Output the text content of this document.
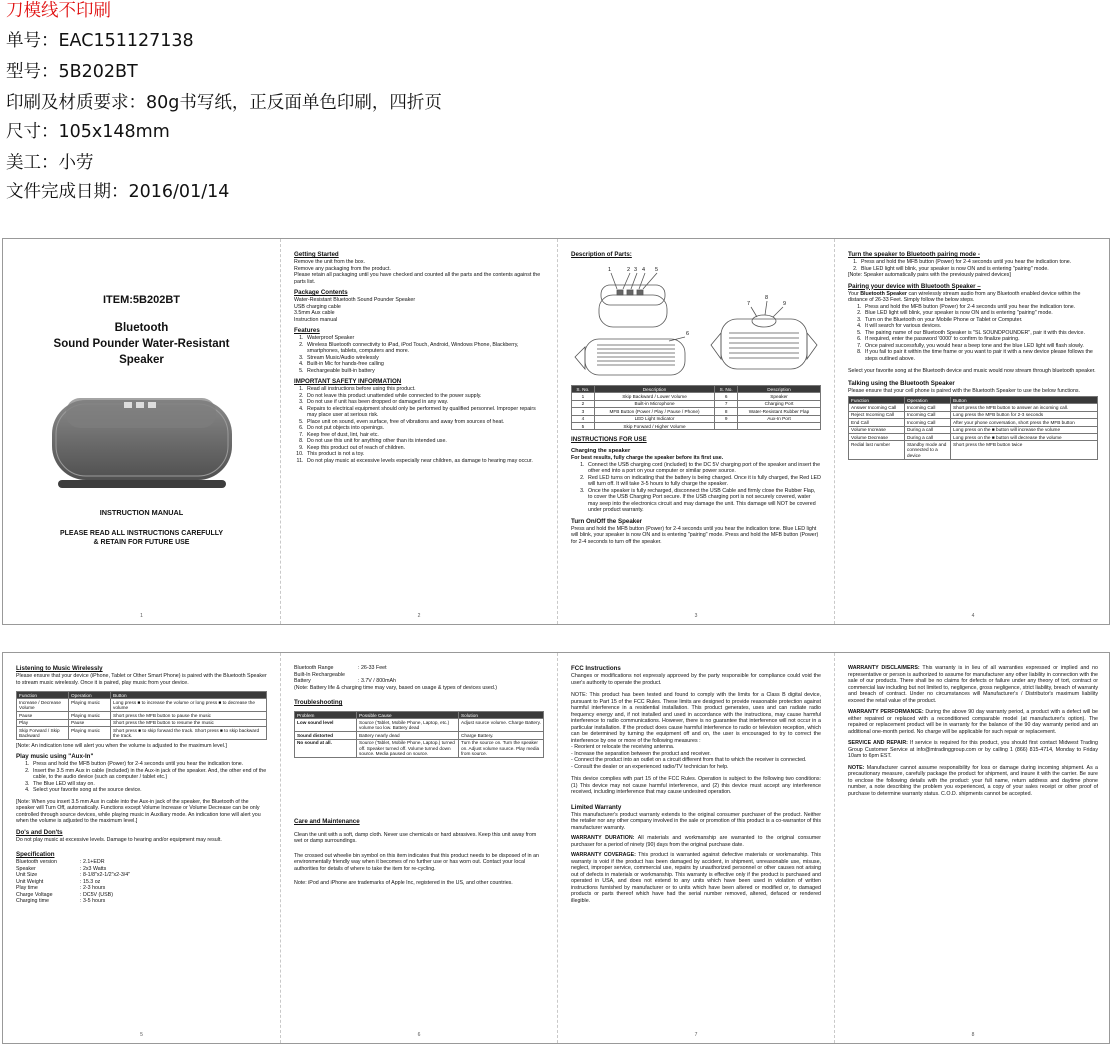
刀模线不印刷
单号：EAC151127138
型号：5B202BT
印刷及材质要求：80g书写纸，正反面单色印刷，四折页
尺寸：105x148mm
美工：小劳
文件完成日期：2016/01/14
ITEM:5B202BT
Bluetooth
Sound Pounder Water-Resistant
Speaker
INSTRUCTION MANUAL
PLEASE READ ALL INSTRUCTIONS CAREFULLY
& RETAIN FOR FUTURE USE
1
Getting Started
Remove the unit from the box.
Remove any packaging from the product.
Please retain all packaging until you have checked and counted all the parts and the contents against the parts list.
Package Contents
Water-Resistant Bluetooth Sound Pounder Speaker
USB charging cable
3.5mm Aux cable
Instruction manual
Features
1. Waterproof Speaker
2. Wireless Bluetooth connectivity to iPad, iPod Touch, Android, Windows Phone, Blackberry, smartphones, tablets, computers and more.
3. Stream Music/Audio wirelessly
4. Built-in Mic for hands-free calling
5. Rechargeable built-in battery
IMPORTANT SAFETY INFORMATION
1. Read all instructions before using this product.
2. Do not leave this product unattended while connected to the power supply.
3. Do not use if unit has been dropped or damaged in any way.
4. Repairs to electrical equipment should only be performed by qualified personnel. Improper repairs may place user at serious risk.
5. Place unit on sound, even surface, free of vibrations and away from sources of heat.
6. Do not put objects into openings.
7. Keep free of dust, lint, hair etc.
8. Do not use this unit for anything other than its intended use.
9. Keep this product out of reach of children.
10. This product is not a toy.
11. Do not play music at excessive levels especially near children, as damage to hearing may occur.
2
Description of Parts:
1	2 3 4 5
6
7
8
9
S. No.	Description	S. No.	Description
1	Skip Backward / Lower Volume	6	Speaker
2	Built-in Microphone	7	Charging Port
3	MFB Button (Power / Play / Pause / Phone)	8	Water-Resistant Rubber Flap
4	LED Light Indicator	9	Aux-In Port
5	Skip Forward / Higher Volume		
INSTRUCTIONS FOR USE
Charging the speaker
For best results, fully charge the speaker before its first use.
1. Connect the USB charging cord (included) to the DC 5V charging port of the speaker and insert the other end into a port on your computer or similar power source.
2. Red LED turns on indicating that the battery is being charged. Once it is fully charged, the Red LED will turn off. It will take 3-5 hours to fully charge the speaker.
3. Once the speaker is fully recharged, disconnect the USB Cable and firmly close the Rubber Flap, to cover the USB Charging Port secure. If the USB charging port is not securely covered, water may seep into the electronics circuit and may damage the unit. This damage will NOT be covered under product warranty.
Turn On/Off the Speaker
Press and hold the MFB button (Power) for 2-4 seconds until you hear the indication tone. Blue LED light will blink, your speaker is now ON and is entering "pairing" mode. Press and hold the MFB button (Power) for 2-4 seconds to turn off the speaker.
3
Turn the speaker to Bluetooth pairing mode -
1. Press and hold the MFB button (Power) for 2-4 seconds until you hear the indication tone.
2. Blue LED light will blink, your speaker is now ON and is entering "pairing" mode.
[Note: Speaker automatically pairs with the previously paired devices]
Pairing your device with Bluetooth Speaker –
Your Bluetooth Speaker can wirelessly stream audio from any Bluetooth enabled device within the distance of 26-33 Feet. Simply follow the below steps.
1. Press and hold the MFB button (Power) for 2-4 seconds until you hear the indication tone.
2. Blue LED light will blink, your speaker is now ON and is entering "pairing" mode.
3. Turn on the Bluetooth on your Mobile Phone or Tablet or Computer.
4. It will search for various devices.
5. The pairing name of our Bluetooth Speaker is "SL SOUNDPOUNDER", pair it with this device.
6. If required, enter the password '0000' to confirm to finalize pairing.
7. Once paired successfully, you would hear a beep tone and the blue LED light will flash slowly.
8. If you fail to pair it within the time frame or you want to pair it with a new device please follows the steps outlined above.
Select your favorite song at the Bluetooth device and music would now stream through bluetooth speaker.
Talking using the Bluetooth Speaker
Please ensure that your cell phone is paired with the Bluetooth Speaker to use the below functions.
Function	Operation	Button
Answer Incoming Call	Incoming Call	Short press the MFB button to answer an incoming call.
Reject Incoming Call	Incoming Call	Long press the MFB button for 2-3 seconds
End Call	Incoming Call	After your phone conversation, short press the MFB button
Volume Increase	During a call	Long press on the ■ button will increase the volume
Volume Decrease	During a call	Long press on the ■ button will decrease the volume
Redial last number	Standby mode and connected to a device	Short press the MFB button twice
4
Listening to Music Wirelessly
Please ensure that your device (iPhone, Tablet or Other Smart Phone) is paired with the Bluetooth Speaker to stream music wirelessly. Once it is paired, play music from your device.
Function	Operation	Button
Increase / Decrease Volume	Playing music	Long press ■ to increase the volume or long press ■ to decrease the volume
Pause	Playing music	Short press the MFB button to pause the music
Play	Pause	Short press the MFB button to resume the music
Skip Forward / Skip Backward	Playing music	Short press ■ to skip forward the track. Short press ■ to skip backward the track.
[Note: An indication tone will alert you when the volume is adjusted to the maximum level.]
Play music using "Aux-In"
1. Press and hold the MFB button (Power) for 2-4 seconds until you hear the indication tone.
2. Insert the 3.5 mm Aux in cable (included) in the Aux-in jack of the speaker. And, the other end of the cable, to the audio device (such as computer / tablet etc.)
3. The Blue LED will stay on.
4. Select your favorite song at the source device.
[Note: When you insert 3.5 mm Aux in cable into the Aux-in jack of the speaker, the Bluetooth of the speaker will Turn Off, automatically. Functions except Volume Increase or Volume Decrease can be only controlled through source devices, while playing music in Auxiliary mode. An indication tone will alert you when the volume is adjusted to the maximum level.]
Do's and Don'ts
Do not play music at excessive levels. Damage to hearing and/or equipment may result.
Specification
Bluetooth version	: 2.1+EDR
Speaker	: 2x3 Watts
Unit Size	: 8-1/8"x2-1/2"x2-3/4"
Unit Weight	: 15.3 oz
Play time	: 2-3 hours
Charge Voltage	: DC5V (USB)
Charging time	: 3-5 hours
5
Bluetooth Range	: 26-33 Feet
Built-In Rechargeable
Battery	: 3.7V / 800mAh
(Note: Battery life & charging time may vary, based on usage & types of devices used.)
Troubleshooting
Problem	Possible Cause	Solution
Low sound level	Source (Tablet, Mobile Phone, Laptop, etc.) volume too low. Battery dead	Adjust source volume. Charge Battery.
Sound distorted	Battery nearly dead	Charge Battery.
No sound at all.	Source (Tablet, Mobile Phone, Laptop.) turned off. Speaker turned off. Volume turned down source. Media paused on source.	Turn the source on. Turn the speaker on. Adjust volume source. Play media from source.
Care and Maintenance
Clean the unit with a soft, damp cloth. Never use chemicals or hard abrasives. Keep this unit away from wet or damp surroundings.
The crossed out wheelie bin symbol on this item indicates that this product needs to be disposed of in an environmentally friendly way when it becomes of no further use or has worn out. Contact your local authorities for details of where to take the item for re-cycling.
Note: iPod and iPhone are trademarks of Apple Inc, registered in the US, and other countries.
6
FCC Instructions
Changes or modifications not expressly approved by the party responsible for compliance could void the user's authority to operate the product.
NOTE: This product has been tested and found to comply with the limits for a Class B digital device, pursuant to Part 15 of the FCC Rules. These limits are designed to provide reasonable protection against harmful interference in a residential installation. This product generates, uses and can radiate radio frequency energy and, if not installed and used in accordance with the instructions, may cause harmful interference to radio communications. However, there is no guarantee that interference will not occur in a particular installation. If the product does cause harmful interference to radio or television reception, which can be determined by turning the equipment off and on, the user is encouraged to try to correct the interference by one or more of the following measures :
- Reorient or relocate the receiving antenna.
- Increase the separation between the product and receiver.
- Connect the product into an outlet on a circuit different from that to which the receiver is connected.
- Consult the dealer or an experienced radio/TV technician for help.
This device complies with part 15 of the FCC Rules. Operation is subject to the following two conditions: (1) This device may not cause harmful interference, and (2) this device must accept any interference received, including interference that may cause undesired operation.
Limited Warranty
This manufacturer's product warranty extends to the original consumer purchaser of the product. Neither the retailer nor any other company involved in the sale or promotion of this product is a co-warrantor of this manufacturer warranty.
WARRANTY DURATION: All materials and workmanship are warranted to the original consumer purchaser for a period of ninety (90) days from the original purchase date.
WARRANTY COVERAGE: This product is warranted against defective materials or workmanship. This warranty is void if the product has been damaged by accident, in shipment, unreasonable use, misuse, neglect, improper service, commercial use, repairs by unauthorized personnel or other causes not arising out of defects in materials or workmanship. This warranty is effective only if the product is purchased and operated in USA, and does not extend to any units which have been used in violation of written instructions furnished by manufacturer or to units which have been altered or modified or, to damaged products or parts thereof which have had the serial number removed, altered, defaced or rendered illegible.
7
WARRANTY DISCLAIMERS: This warranty is in lieu of all warranties expressed or implied and no representative or person is authorized to assume for manufacturer any other liability in connection with the sale of our products. There shall be no claims for defects or failure under any theory of tort, contract or commercial law including but not limited to, negligence, gross negligence, strict liability, breach of warranty and breach of contract. Under no circumstances will Manufacturer's / Distributor's maximum liability exceed the retail value of the product.
WARRANTY PERFORMANCE: During the above 90 day warranty period, a product with a defect will be either repaired or replaced with a reconditioned comparable model (at manufacturer's option). The repaired or replacement product will be in warranty for the balance of the 90 day warranty period and an additional one-month period. No charge will be applicable for such repair or replacement.
SERVICE AND REPAIR: If service is required for this product, you should first contact Midwest Trading Group Customer Service at info@mtradinggroup.com or by calling 1 (866) 815-4714, Monday to Friday 10am to 6pm EST.
NOTE: Manufacturer cannot assume responsibility for loss or damage during incoming shipment. As a precautionary measure, carefully package the product for shipment, and insure it with the carrier. Be sure to enclose the following details with the product: your full name, return address and daytime phone number, a note describing the problem you experienced, a copy of your sales receipt or other proof of purchase to determine warranty status. C.O.D. shipments cannot be accepted.
8
